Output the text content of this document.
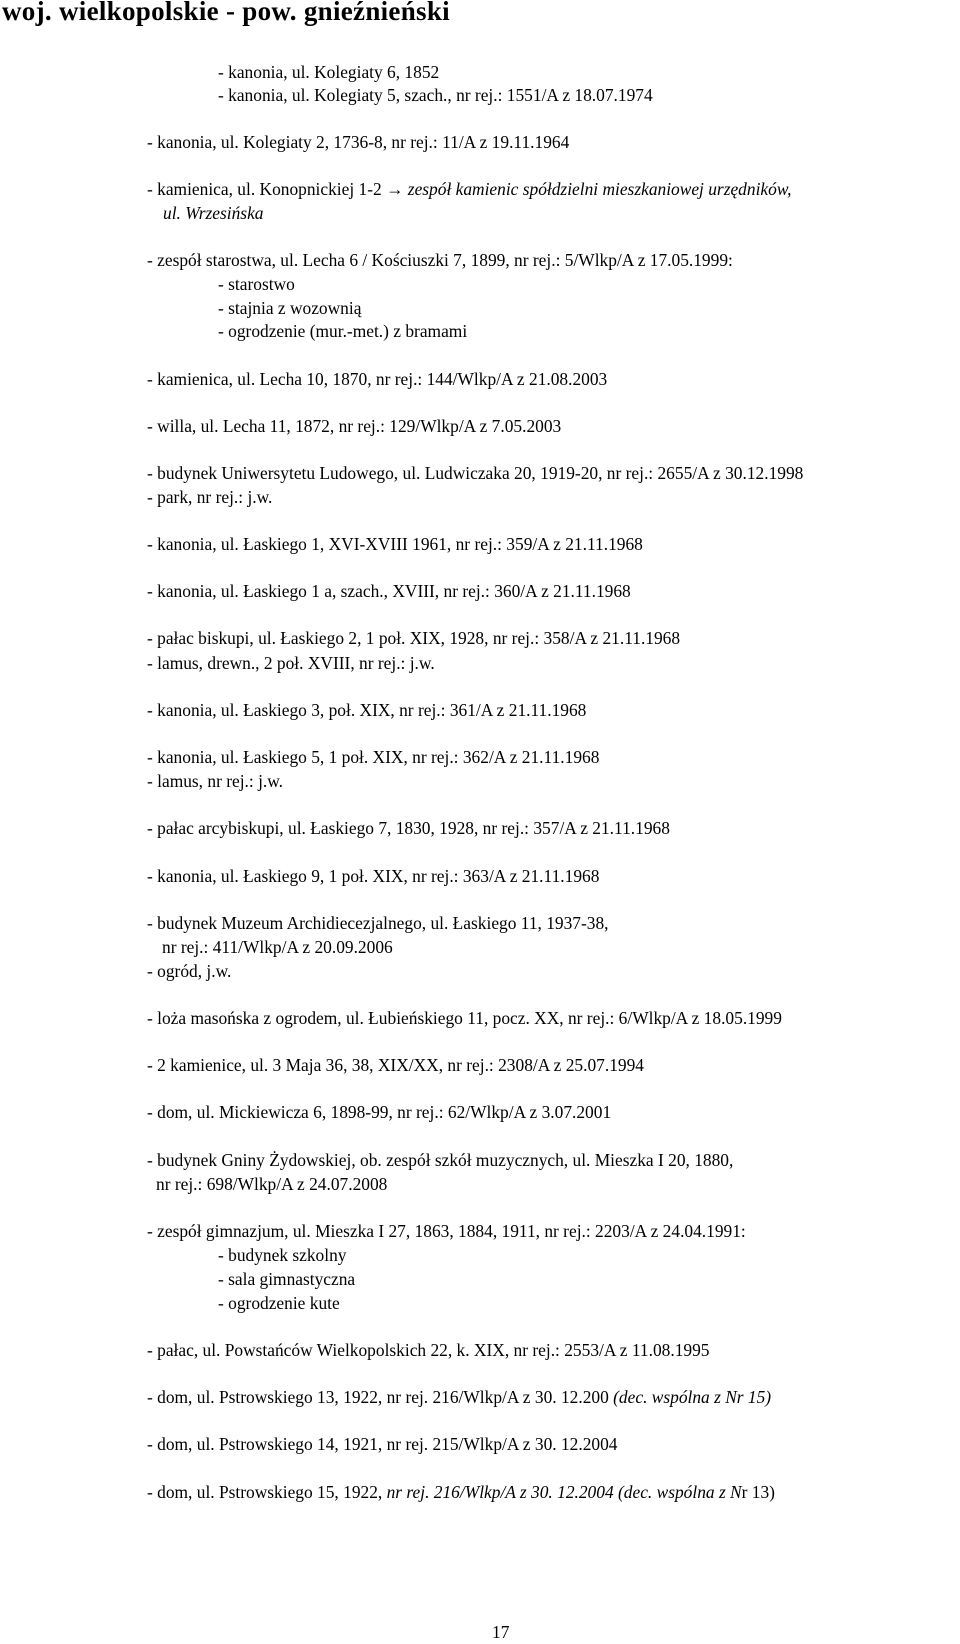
woj. wielkopolskie - pow. gnieźnieński
- kanonia, ul. Kolegiaty 6, 1852
- kanonia, ul. Kolegiaty 5, szach., nr rej.: 1551/A z 18.07.1974
- kanonia, ul. Kolegiaty 2, 1736-8, nr rej.: 11/A z 19.11.1964
- kamienica, ul. Konopnickiej 1-2 → zespół kamienic spółdzielni mieszkaniowej urzędników,
ul. Wrzesińska
- zespół starostwa, ul. Lecha 6 / Kościuszki 7, 1899, nr rej.: 5/Wlkp/A z 17.05.1999:
- starostwo
- stajnia z wozownią
- ogrodzenie (mur.-met.) z bramami
- kamienica, ul. Lecha 10, 1870, nr rej.: 144/Wlkp/A z 21.08.2003
- willa, ul. Lecha 11, 1872, nr rej.: 129/Wlkp/A z 7.05.2003
- budynek Uniwersytetu Ludowego, ul. Ludwiczaka 20, 1919-20, nr rej.: 2655/A z 30.12.1998
- park, nr rej.: j.w.
- kanonia, ul. Łaskiego 1, XVI-XVIII 1961, nr rej.: 359/A z 21.11.1968
- kanonia, ul. Łaskiego 1 a, szach., XVIII, nr rej.: 360/A z 21.11.1968
- pałac biskupi, ul. Łaskiego 2, 1 poł. XIX, 1928, nr rej.: 358/A z 21.11.1968
- lamus, drewn., 2 poł. XVIII, nr rej.: j.w.
- kanonia, ul. Łaskiego 3, poł. XIX, nr rej.: 361/A z 21.11.1968
- kanonia, ul. Łaskiego 5, 1 poł. XIX, nr rej.: 362/A z 21.11.1968
- lamus, nr rej.: j.w.
- pałac arcybiskupi, ul. Łaskiego 7, 1830, 1928, nr rej.: 357/A z 21.11.1968
- kanonia, ul. Łaskiego 9, 1 poł. XIX, nr rej.: 363/A z 21.11.1968
- budynek Muzeum Archidiecezjalnego, ul. Łaskiego 11, 1937-38,
nr rej.: 411/Wlkp/A z 20.09.2006
- ogród, j.w.
- loża masońska z ogrodem, ul. Łubieńskiego 11, pocz. XX, nr rej.: 6/Wlkp/A z 18.05.1999
- 2 kamienice, ul. 3 Maja 36, 38, XIX/XX, nr rej.: 2308/A z 25.07.1994
- dom, ul. Mickiewicza 6, 1898-99, nr rej.: 62/Wlkp/A z 3.07.2001
- budynek Gniny Żydowskiej, ob. zespół szkół muzycznych, ul. Mieszka I 20, 1880,
nr rej.: 698/Wlkp/A z 24.07.2008
- zespół gimnazjum, ul. Mieszka I 27, 1863, 1884, 1911, nr rej.: 2203/A z 24.04.1991:
- budynek szkolny
- sala gimnastyczna
- ogrodzenie kute
- pałac, ul. Powstańców Wielkopolskich 22, k. XIX, nr rej.: 2553/A z 11.08.1995
- dom, ul. Pstrowskiego 13, 1922, nr rej. 216/Wlkp/A z 30. 12.200 (dec. wspólna z Nr 15)
- dom, ul. Pstrowskiego 14, 1921, nr rej. 215/Wlkp/A z 30. 12.2004
- dom, ul. Pstrowskiego 15, 1922, nr rej. 216/Wlkp/A z 30. 12.2004 (dec. wspólna z Nr 13)
17
